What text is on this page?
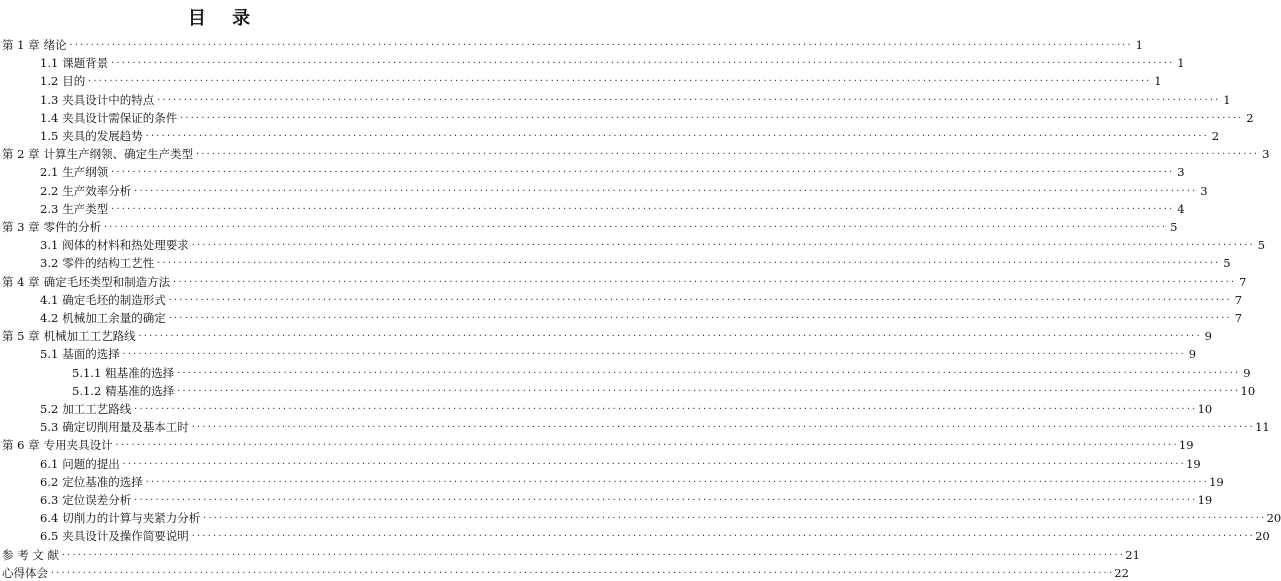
目 录
第 1 章 绪论 ........................................................................................................................................................................................................ 1
1.1 课题背景 ........................................................................................................................................................................................................ 1
1.2 目的 ........................................................................................................................................................................................................ 1
1.3 夹具设计中的特点 ........................................................................................................................................................................................................ 1
1.4 夹具设计需保证的条件 ........................................................................................................................................................................................................ 2
1.5 夹具的发展趋势 ........................................................................................................................................................................................................ 2
第 2 章 计算生产纲领、确定生产类型 ........................................................................................................................................................................................................ 3
2.1 生产纲领 ........................................................................................................................................................................................................ 3
2.2 生产效率分析 ........................................................................................................................................................................................................ 3
2.3 生产类型 ........................................................................................................................................................................................................ 4
第 3 章 零件的分析 ........................................................................................................................................................................................................ 5
3.1 阀体的材料和热处理要求 ........................................................................................................................................................................................................ 5
3.2 零件的结构工艺性 ........................................................................................................................................................................................................ 5
第 4 章 确定毛坯类型和制造方法 ........................................................................................................................................................................................................ 7
4.1 确定毛坯的制造形式 ........................................................................................................................................................................................................ 7
4.2 机械加工余量的确定 ........................................................................................................................................................................................................ 7
第 5 章 机械加工工艺路线 ........................................................................................................................................................................................................ 9
5.1 基面的选择 ........................................................................................................................................................................................................ 9
5.1.1 粗基准的选择 ........................................................................................................................................................................................................ 9
5.1.2 精基准的选择 ........................................................................................................................................................................................................ 10
5.2 加工工艺路线 ........................................................................................................................................................................................................ 10
5.3 确定切削用量及基本工时 ........................................................................................................................................................................................................ 11
第 6 章 专用夹具设计 ........................................................................................................................................................................................................ 19
6.1 问题的提出 ........................................................................................................................................................................................................ 19
6.2 定位基准的选择 ........................................................................................................................................................................................................ 19
6.3 定位误差分析 ........................................................................................................................................................................................................ 19
6.4 切削力的计算与夹紧力分析 ........................................................................................................................................................................................................ 20
6.5 夹具设计及操作简要说明 ........................................................................................................................................................................................................ 20
参 考 文 献 ........................................................................................................................................................................................................ 21
心得体会 ........................................................................................................................................................................................................ 22
